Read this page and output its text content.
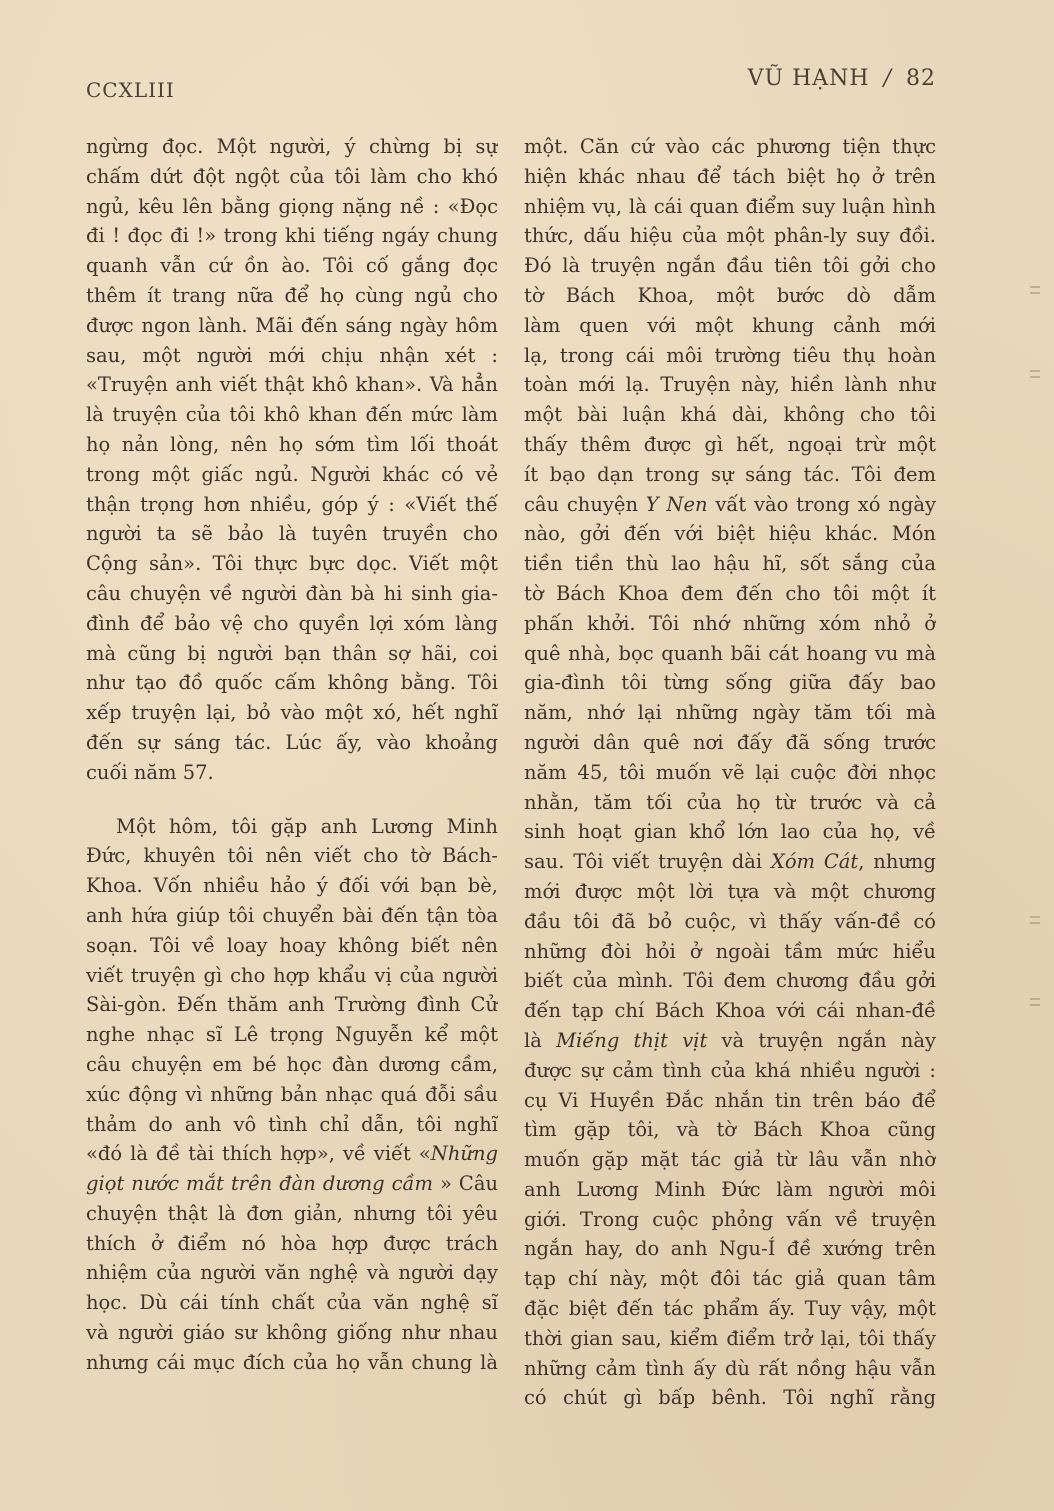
CCXLIII	VŨ HẠNH / 82
ngừng đọc. Một người, ý chừng bị sự
chấm dứt đột ngột của tôi làm cho khó
ngủ, kêu lên bằng giọng nặng nề : «Đọc
đi ! đọc đi !» trong khi tiếng ngáy chung
quanh vẫn cứ ồn ào. Tôi cố gắng đọc
thêm ít trang nữa để họ cùng ngủ cho
được ngon lành. Mãi đến sáng ngày hôm
sau, một người mới chịu nhận xét :
«Truyện anh viết thật khô khan». Và hẳn
là truyện của tôi khô khan đến mức làm
họ nản lòng, nên họ sớm tìm lối thoát
trong một giấc ngủ. Người khác có vẻ
thận trọng hơn nhiều, góp ý : «Viết thế
người ta sẽ bảo là tuyên truyền cho
Cộng sản». Tôi thực bực dọc. Viết một
câu chuyện về người đàn bà hi sinh gia-
đình để bảo vệ cho quyền lợi xóm làng
mà cũng bị người bạn thân sợ hãi, coi
như tạo đồ quốc cấm không bằng. Tôi
xếp truyện lại, bỏ vào một xó, hết nghĩ
đến sự sáng tác. Lúc ấy, vào khoảng
cuối năm 57.
Một hôm, tôi gặp anh Lương Minh
Đức, khuyên tôi nên viết cho tờ Bách-
Khoa. Vốn nhiều hảo ý đối với bạn bè,
anh hứa giúp tôi chuyển bài đến tận tòa
soạn. Tôi về loay hoay không biết nên
viết truyện gì cho hợp khẩu vị của người
Sài-gòn. Đến thăm anh Trường đình Cử
nghe nhạc sĩ Lê trọng Nguyễn kể một
câu chuyện em bé học đàn dương cầm,
xúc động vì những bản nhạc quá đỗi sầu
thảm do anh vô tình chỉ dẫn, tôi nghĩ
«đó là đề tài thích hợp», về viết «Những
giọt nước mắt trên đàn dương cầm » Câu
chuyện thật là đơn giản, nhưng tôi yêu
thích ở điểm nó hòa hợp được trách
nhiệm của người văn nghệ và người dạy
học. Dù cái tính chất của văn nghệ sĩ
và người giáo sư không giống như nhau
nhưng cái mục đích của họ vẫn chung là
một. Căn cứ vào các phương tiện thực
hiện khác nhau để tách biệt họ ở trên
nhiệm vụ, là cái quan điểm suy luận hình
thức, dấu hiệu của một phân-ly suy đồi.
Đó là truyện ngắn đầu tiên tôi gởi cho
tờ Bách Khoa, một bước dò dẫm
làm quen với một khung cảnh mới
lạ, trong cái môi trường tiêu thụ hoàn
toàn mới lạ. Truyện này, hiền lành như
một bài luận khá dài, không cho tôi
thấy thêm được gì hết, ngoại trừ một
ít bạo dạn trong sự sáng tác. Tôi đem
câu chuyện Y Nen vất vào trong xó ngày
nào, gởi đến với biệt hiệu khác. Món
tiền tiền thù lao hậu hĩ, sốt sắng của
tờ Bách Khoa đem đến cho tôi một ít
phấn khởi. Tôi nhớ những xóm nhỏ ở
quê nhà, bọc quanh bãi cát hoang vu mà
gia-đình tôi từng sống giữa đấy bao
năm, nhớ lại những ngày tăm tối mà
người dân quê nơi đấy đã sống trước
năm 45, tôi muốn vẽ lại cuộc đời nhọc
nhằn, tăm tối của họ từ trước và cả
sinh hoạt gian khổ lớn lao của họ, về
sau. Tôi viết truyện dài Xóm Cát, nhưng
mới được một lời tựa và một chương
đầu tôi đã bỏ cuộc, vì thấy vấn-đề có
những đòi hỏi ở ngoài tầm mức hiểu
biết của mình. Tôi đem chương đầu gởi
đến tạp chí Bách Khoa với cái nhan-đề
là Miếng thịt vịt và truyện ngắn này
được sự cảm tình của khá nhiều người :
cụ Vi Huyền Đắc nhắn tin trên báo để
tìm gặp tôi, và tờ Bách Khoa cũng
muốn gặp mặt tác giả từ lâu vẫn nhờ
anh Lương Minh Đức làm người môi
giới. Trong cuộc phỏng vấn về truyện
ngắn hay, do anh Ngu-Í đề xướng trên
tạp chí này, một đôi tác giả quan tâm
đặc biệt đến tác phẩm ấy. Tuy vậy, một
thời gian sau, kiểm điểm trở lại, tôi thấy
những cảm tình ấy dù rất nồng hậu vẫn
có chút gì bấp bênh. Tôi nghĩ rằng
